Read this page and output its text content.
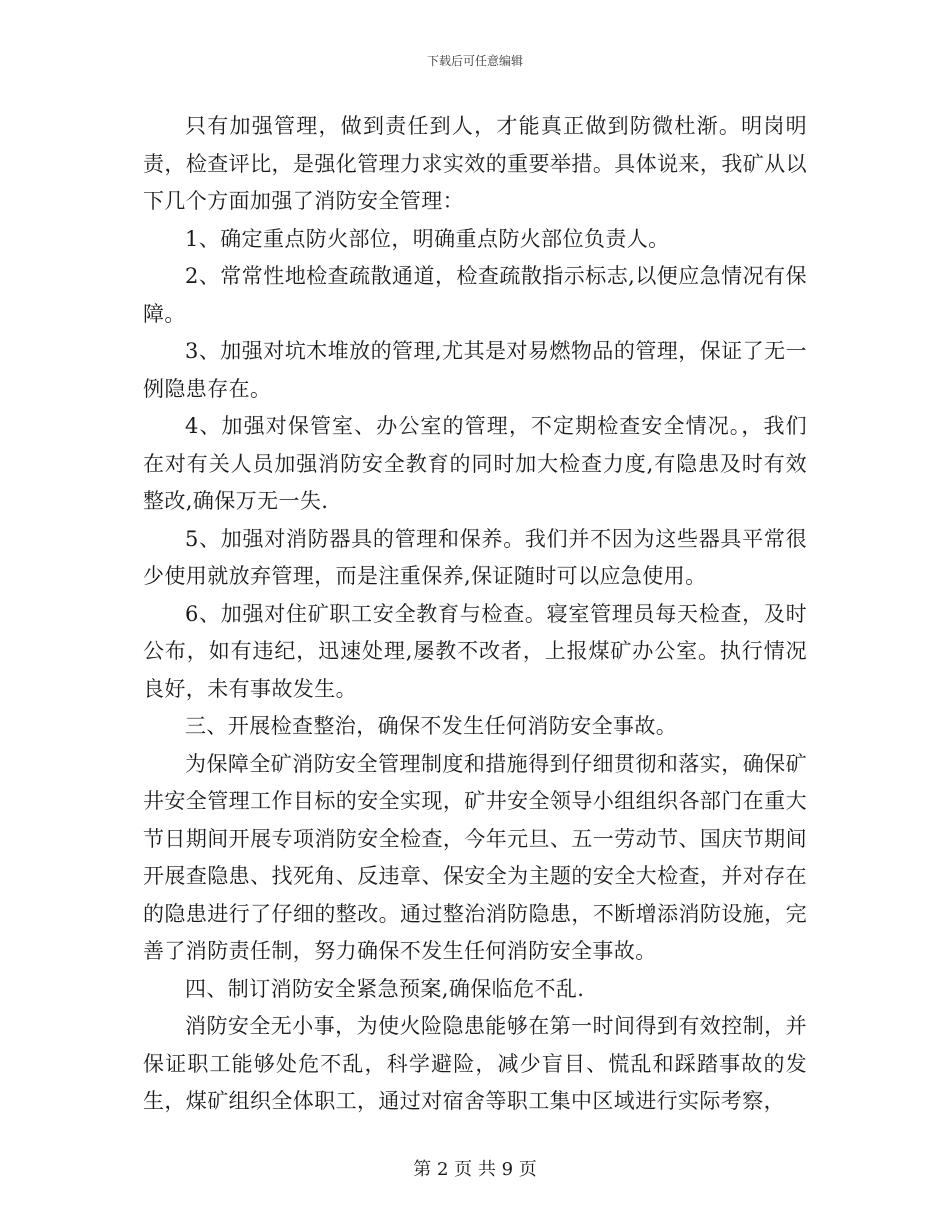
下载后可任意编辑

只有加强管理，做到责任到人，才能真正做到防微杜渐。明岗明责，检查评比，是强化管理力求实效的重要举措。具体说来，我矿从以下几个方面加强了消防安全管理：

1、确定重点防火部位，明确重点防火部位负责人。

2、常常性地检查疏散通道，检查疏散指示标志,以便应急情况有保障。

3、加强对坑木堆放的管理,尤其是对易燃物品的管理，保证了无一例隐患存在。

4、加强对保管室、办公室的管理，不定期检查安全情况。，我们在对有关人员加强消防安全教育的同时加大检查力度,有隐患及时有效整改,确保万无一失.

5、加强对消防器具的管理和保养。我们并不因为这些器具平常很少使用就放弃管理，而是注重保养,保证随时可以应急使用。

6、加强对住矿职工安全教育与检查。寝室管理员每天检查，及时公布，如有违纪，迅速处理,屡教不改者，上报煤矿办公室。执行情况良好，未有事故发生。

三、开展检查整治，确保不发生任何消防安全事故。

为保障全矿消防安全管理制度和措施得到仔细贯彻和落实，确保矿井安全管理工作目标的安全实现，矿井安全领导小组组织各部门在重大节日期间开展专项消防安全检查，今年元旦、五一劳动节、国庆节期间开展查隐患、找死角、反违章、保安全为主题的安全大检查，并对存在的隐患进行了仔细的整改。通过整治消防隐患，不断增添消防设施，完善了消防责任制，努力确保不发生任何消防安全事故。

四、制订消防安全紧急预案,确保临危不乱.

消防安全无小事，为使火险隐患能够在第一时间得到有效控制，并保证职工能够处危不乱，科学避险，减少盲目、慌乱和踩踏事故的发生，煤矿组织全体职工，通过对宿舍等职工集中区域进行实际考察，

第 2 页 共 9 页
